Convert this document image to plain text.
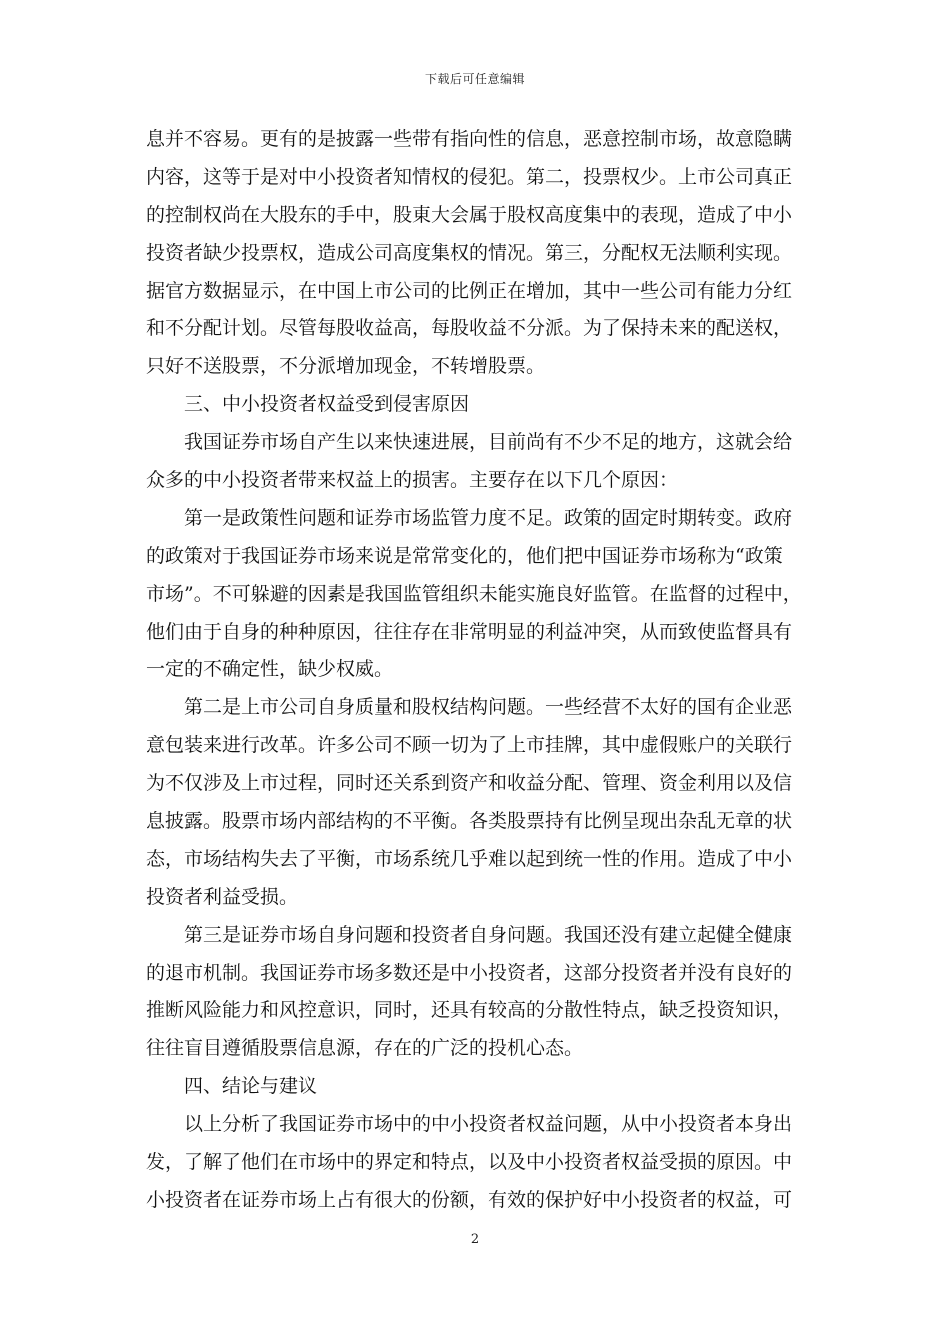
下载后可任意编辑
息并不容易。更有的是披露一些带有指向性的信息，恶意控制市场，故意隐瞒
内容，这等于是对中小投资者知情权的侵犯。第二，投票权少。上市公司真正
的控制权尚在大股东的手中，股東大会属于股权高度集中的表现，造成了中小
投资者缺少投票权，造成公司高度集权的情况。第三，分配权无法顺利实现。
据官方数据显示，在中国上市公司的比例正在增加，其中一些公司有能力分红
和不分配计划。尽管每股收益高，每股收益不分派。为了保持未来的配送权，
只好不送股票，不分派增加现金，不转增股票。
三、中小投资者权益受到侵害原因
我国证券市场自产生以来快速进展，目前尚有不少不足的地方，这就会给
众多的中小投资者带来权益上的损害。主要存在以下几个原因：
第一是政策性问题和证券市场监管力度不足。政策的固定时期转变。政府
的政策对于我国证券市场来说是常常变化的，他们把中国证券市场称为“政策
市场”。不可躲避的因素是我国监管组织未能实施良好监管。在监督的过程中，
他们由于自身的种种原因，往往存在非常明显的利益冲突，从而致使监督具有
一定的不确定性，缺少权威。
第二是上市公司自身质量和股权结构问题。一些经营不太好的国有企业恶
意包装来进行改革。许多公司不顾一切为了上市挂牌，其中虚假账户的关联行
为不仅涉及上市过程，同时还关系到资产和收益分配、管理、资金利用以及信
息披露。股票市场内部结构的不平衡。各类股票持有比例呈现出杂乱无章的状
态，市场结构失去了平衡，市场系统几乎难以起到统一性的作用。造成了中小
投资者利益受损。
第三是证券市场自身问题和投资者自身问题。我国还没有建立起健全健康
的退市机制。我国证券市场多数还是中小投资者，这部分投资者并没有良好的
推断风险能力和风控意识，同时，还具有较高的分散性特点，缺乏投资知识，
往往盲目遵循股票信息源，存在的广泛的投机心态。
四、结论与建议
以上分析了我国证券市场中的中小投资者权益问题，从中小投资者本身出
发，了解了他们在市场中的界定和特点，以及中小投资者权益受损的原因。中
小投资者在证券市场上占有很大的份额，有效的保护好中小投资者的权益，可
2
